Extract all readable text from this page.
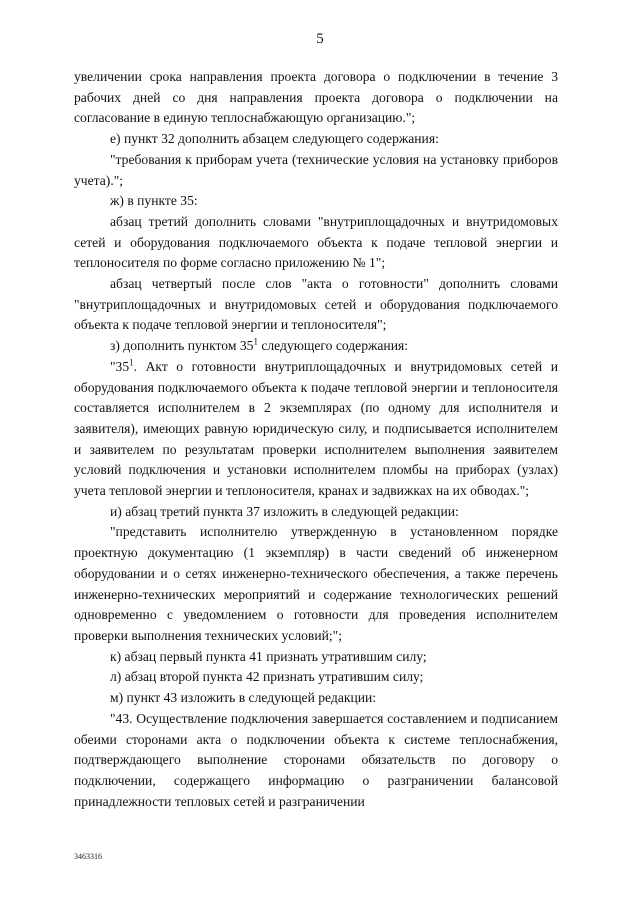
5

увеличении срока направления проекта договора о подключении в течение 3 рабочих дней со дня направления проекта договора о подключении на согласование в единую теплоснабжающую организацию.";

е) пункт 32 дополнить абзацем следующего содержания:

"требования к приборам учета (технические условия на установку приборов учета).";

ж) в пункте 35:

абзац третий дополнить словами "внутриплощадочных и внутридомовых сетей и оборудования подключаемого объекта к подаче тепловой энергии и теплоносителя по форме согласно приложению № 1";

абзац четвертый после слов "акта о готовности" дополнить словами "внутриплощадочных и внутридомовых сетей и оборудования подключаемого объекта к подаче тепловой энергии и теплоносителя";

з) дополнить пунктом $35^1$ следующего содержания:

"$35^1$. Акт о готовности внутриплощадочных и внутридомовых сетей и оборудования подключаемого объекта к подаче тепловой энергии и теплоносителя составляется исполнителем в 2 экземплярах (по одному для исполнителя и заявителя), имеющих равную юридическую силу, и подписывается исполнителем и заявителем по результатам проверки исполнителем выполнения заявителем условий подключения и установки исполнителем пломбы на приборах (узлах) учета тепловой энергии и теплоносителя, кранах и задвижках на их обводах.";

и) абзац третий пункта 37 изложить в следующей редакции:

"представить исполнителю утвержденную в установленном порядке проектную документацию (1 экземпляр) в части сведений об инженерном оборудовании и о сетях инженерно-технического обеспечения, а также перечень инженерно-технических мероприятий и содержание технологических решений одновременно с уведомлением о готовности для проведения исполнителем проверки выполнения технических условий;";

к) абзац первый пункта 41 признать утратившим силу;

л) абзац второй пункта 42 признать утратившим силу;

м) пункт 43 изложить в следующей редакции:

"43. Осуществление подключения завершается составлением и подписанием обеими сторонами акта о подключении объекта к системе теплоснабжения, подтверждающего выполнение сторонами обязательств по договору о подключении, содержащего информацию о разграничении балансовой принадлежности тепловых сетей и разграничении

3463316
